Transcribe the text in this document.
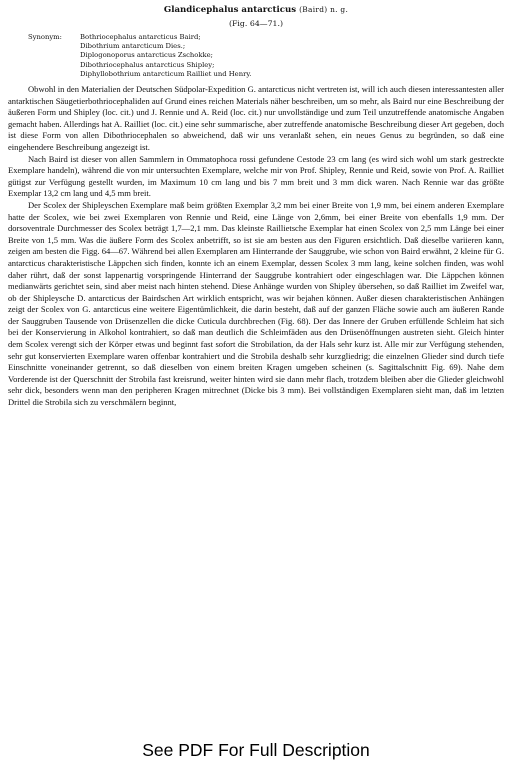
Glandicephalus antarcticus (Baird) n. g.
(Fig. 64—71.)
Synonym:	Bothriocephalus antarcticus Baird;
Dibothrium antarcticum Dies.;
Diplogonoporus antarcticus Zschokke;
Dibothriocephalus antarcticus Shipley;
Diphyllobothrium antarcticum Railliet und Henry.

Obwohl in den Materialien der Deutschen Südpolar-Expedition G. antarcticus nicht vertreten ist, will ich auch diesen interessantesten aller antarktischen Säugetierbothriocephaliden auf Grund eines reichen Materials näher beschreiben, um so mehr, als Baird nur eine Beschreibung der äußeren Form und Shipley (loc. cit.) und J. Rennie und A. Reid (loc. cit.) nur unvollständige und zum Teil unzutreffende anatomische Angaben gemacht haben. Allerdings hat A. Railliet (loc. cit.) eine sehr summarische, aber zutreffende anatomische Beschreibung dieser Art gegeben, doch ist diese Form von allen Dibothriocephalen so abweichend, daß wir uns veranlaßt sehen, ein neues Genus zu begründen, so daß eine eingehendere Beschreibung angezeigt ist.

Nach Baird ist dieser von allen Sammlern in Ommatophoca rossi gefundene Cestode 23 cm lang (es wird sich wohl um stark gestreckte Exemplare handeln), während die von mir untersuchten Exemplare, welche mir von Prof. Shipley, Rennie und Reid, sowie von Prof. A. Railliet gütigst zur Verfügung gestellt wurden, im Maximum 10 cm lang und bis 7 mm breit und 3 mm dick waren. Nach Rennie war das größte Exemplar 13,2 cm lang und 4,5 mm breit.

Der Scolex der Shipleyschen Exemplare maß beim größten Exemplar 3,2 mm bei einer Breite von 1,9 mm, bei einem anderen Exemplare hatte der Scolex, wie bei zwei Exemplaren von Rennie und Reid, eine Länge von 2,6mm, bei einer Breite von ebenfalls 1,9 mm. Der dorsoventrale Durchmesser des Scolex beträgt 1,7—2,1 mm. Das kleinste Raillietsche Exemplar hat einen Scolex von 2,5 mm Länge bei einer Breite von 1,5 mm. Was die äußere Form des Scolex anbetrifft, so ist sie am besten aus den Figuren ersichtlich. Daß dieselbe variieren kann, zeigen am besten die Figg. 64—67. Während bei allen Exemplaren am Hinterrande der Sauggrube, wie schon von Baird erwähnt, 2 kleine für G. antarcticus charakteristische Läppchen sich finden, konnte ich an einem Exemplar, dessen Scolex 3 mm lang, keine solchen finden, was wohl daher rührt, daß der sonst lappenartig vorspringende Hinterrand der Sauggrube kontrahiert oder eingeschlagen war. Die Läppchen können medianwärts gerichtet sein, sind aber meist nach hinten stehend. Diese Anhänge wurden von Shipley übersehen, so daß Railliet im Zweifel war, ob der Shipleysche D. antarcticus der Bairdschen Art wirklich entspricht, was wir bejahen können. Außer diesen charakteristischen Anhängen zeigt der Scolex von G. antarcticus eine weitere Eigentümlichkeit, die darin besteht, daß auf der ganzen Fläche sowie auch am äußeren Rande der Sauggruben Tausende von Drüsenzellen die dicke Cuticula durchbrechen (Fig. 68). Der das Innere der Gruben erfüllende Schleim hat sich bei der Konservierung in Alkohol kontrahiert, so daß man deutlich die Schleimfäden aus den Drüsenöffnungen austreten sieht. Gleich hinter dem Scolex verengt sich der Körper etwas und beginnt fast sofort die Strobilation, da der Hals sehr kurz ist. Alle mir zur Verfügung stehenden, sehr gut konservierten Exemplare waren offenbar kontrahiert und die Strobila deshalb sehr kurzgliedrig; die einzelnen Glieder sind durch tiefe Einschnitte voneinander getrennt, so daß dieselben von einem breiten Kragen umgeben scheinen (s. Sagittalschnitt Fig. 69). Nahe dem Vorderende ist der Querschnitt der Strobila fast kreisrund, weiter hinten wird sie dann mehr flach, trotzdem bleiben aber die Glieder gleichwohl sehr dick, besonders wenn man den peripheren Kragen mitrechnet (Dicke bis 3 mm). Bei vollständigen Exemplaren sieht man, daß im letzten Drittel die Strobila sich zu verschmälern beginnt,

See PDF For Full Description
